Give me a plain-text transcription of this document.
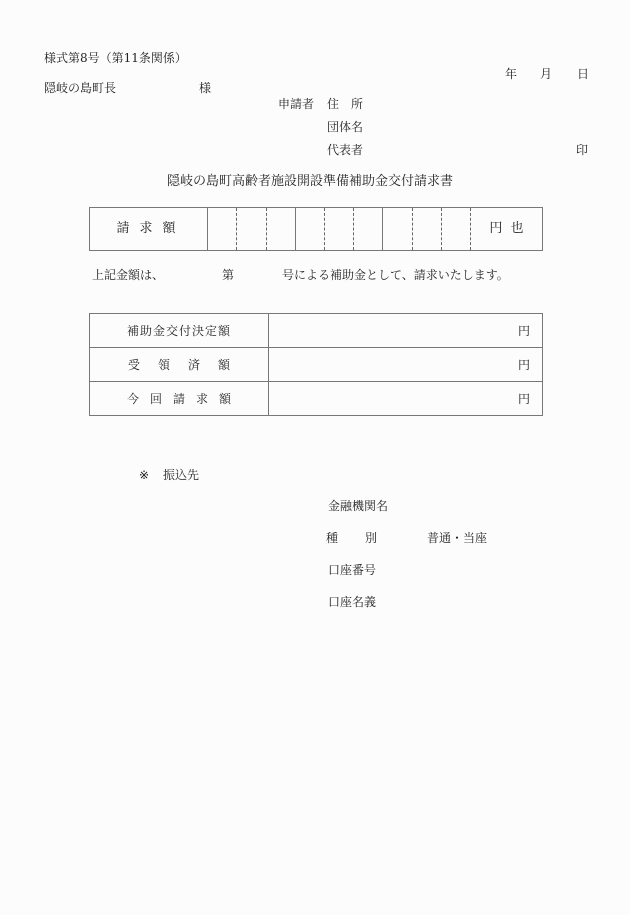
様式第8号（第11条関係）
年 月 日
隠岐の島町長	様
申請者 住　所
団体名
代表者	印
隠岐の島町高齢者施設開設準備補助金交付請求書
請求額	円 也
上記金額は、	第	号による補助金として、請求いたします。
補助金交付決定額	円
受領済額	円
今回請求額	円
※ 振込先
金融機関名
種 別	普通・当座
口座番号
口座名義
